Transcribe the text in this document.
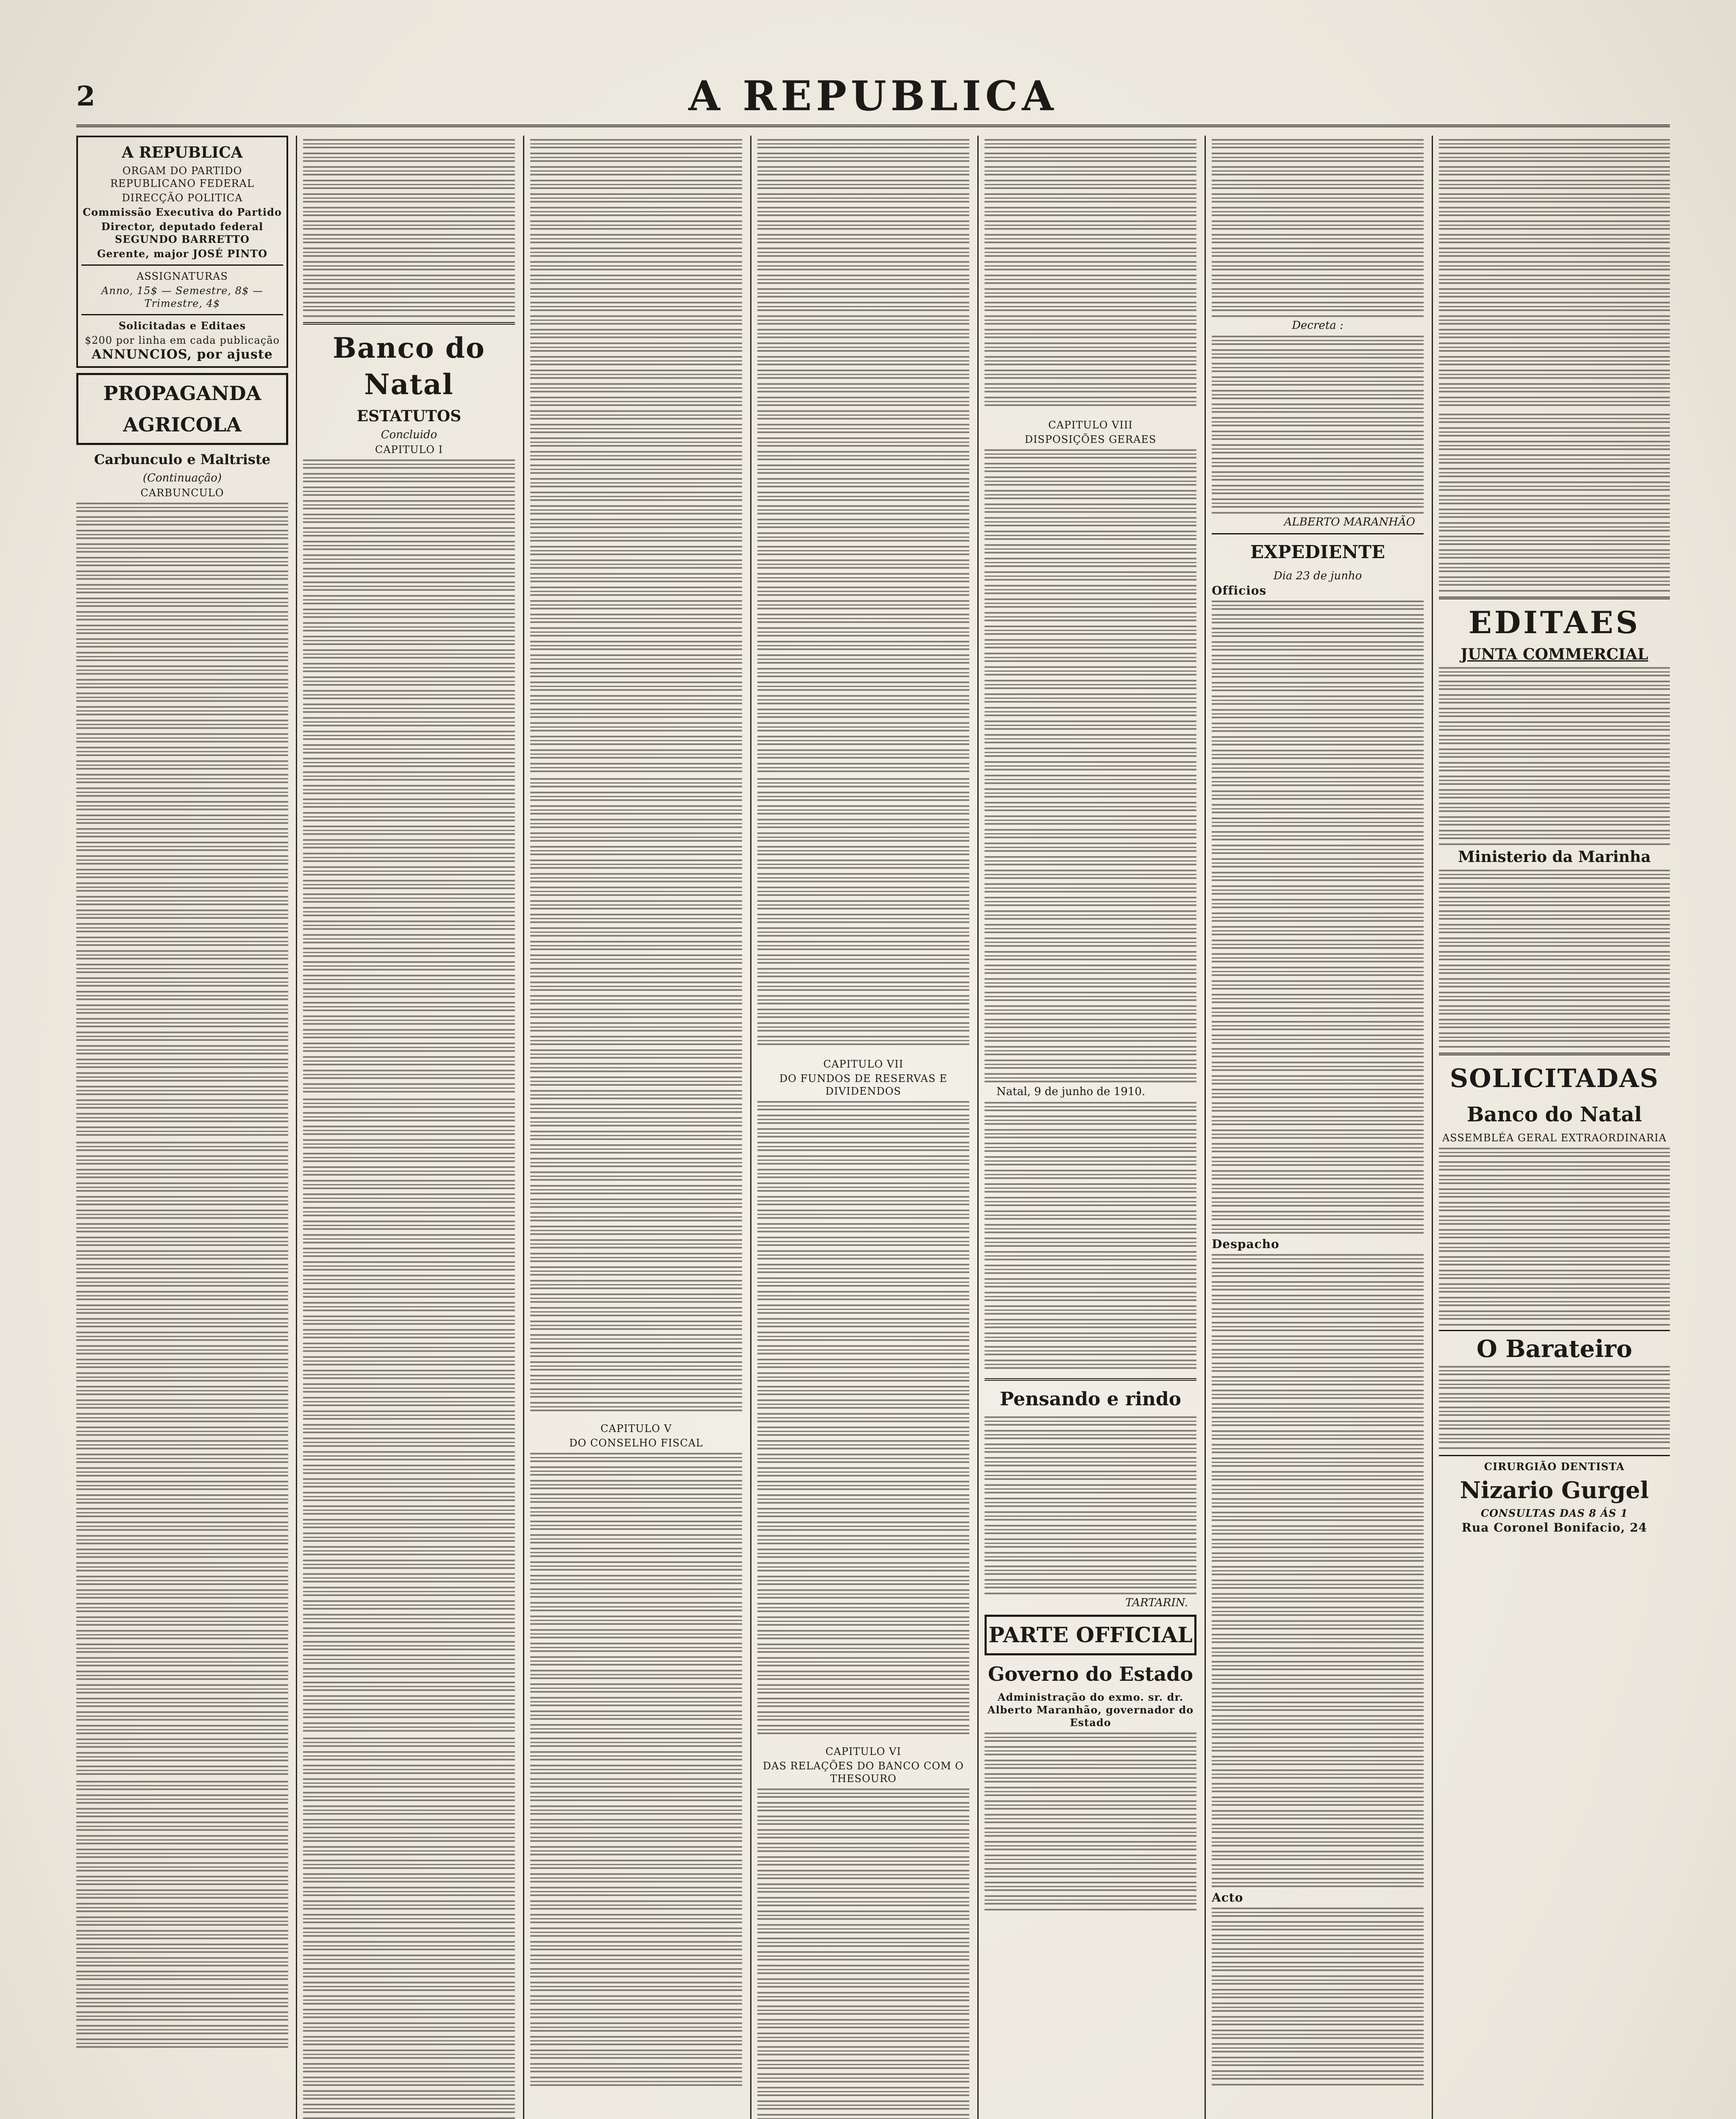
2	A REPUBLICA
A REPUBLICA
ORGAM DO PARTIDO REPUBLICANO FEDERAL
DIRECÇÃO POLITICA
Commissão Executiva do Partido
Director, deputado federal SEGUNDO BARRETTO
Gerente, major JOSÉ PINTO
ASSIGNATURAS
Anno, 15$ — Semestre, 8$ — Trimestre, 4$
Solicitadas e Editaes
$200 por linha em cada publicação
ANNUNCIOS, por ajuste
PROPAGANDA AGRICOLA
Carbunculo e Maltriste
(Continuação)
CARBUNCULO
Banco do Natal
ESTATUTOS
Concluido
CAPITULO I
CAPITULO V
DO CONSELHO FISCAL
CAPITULO VII
DO FUNDOS DE RESERVAS E DIVIDENDOS
CAPITULO VI
DAS RELAÇÕES DO BANCO COM O THESOURO
CAPITULO VIII
DISPOSIÇÕES GERAES
Natal, 9 de junho de 1910.
Pensando e rindo
TARTARIN.
PARTE OFFICIAL
Governo do Estado
Administração do exmo. sr. dr. Alberto Maranhão, governador do Estado
Decreta :
ALBERTO MARANHÃO
EXPEDIENTE
Dia 23 de junho
Officios
Despacho
Acto
EDITAES
JUNTA COMMERCIAL
Ministerio da Marinha
SOLICITADAS
Banco do Natal
ASSEMBLÉA GERAL EXTRAORDINARIA
O Barateiro
CIRURGIÃO DENTISTA
Nizario Gurgel
CONSULTAS DAS 8 ÁS 1
Rua Coronel Bonifacio, 24
